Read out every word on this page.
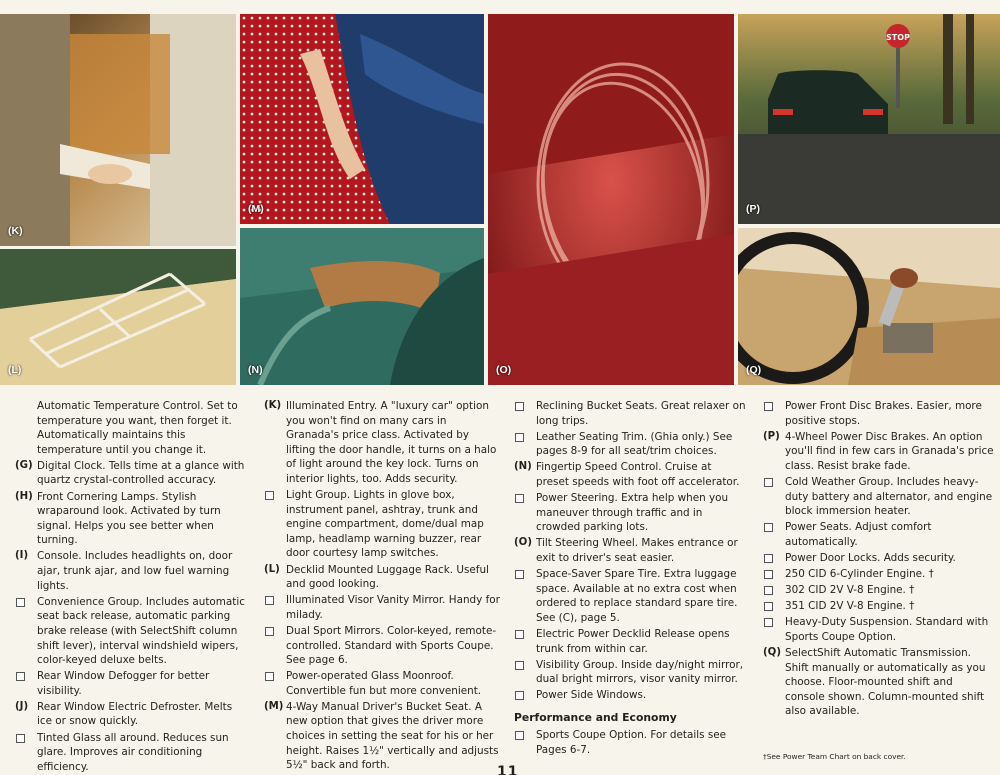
(K)
(L)
(M)
(N)	(O)
STOP
(P)
(Q)
Automatic Temperature Control. Set to temperature you want, then forget it. Automatically maintains this temperature until you change it.
(G) Digital Clock. Tells time at a glance with quartz crystal-controlled accuracy.
(H) Front Cornering Lamps. Stylish wraparound look. Activated by turn signal. Helps you see better when turning.
(I) Console. Includes headlights on, door ajar, trunk ajar, and low fuel warning lights.
Convenience Group. Includes automatic seat back release, automatic parking brake release (with SelectShift column shift lever), interval windshield wipers, color-keyed deluxe belts.
Rear Window Defogger for better visibility.
(J) Rear Window Electric Defroster. Melts ice or snow quickly.
Tinted Glass all around. Reduces sun glare. Improves air conditioning efficiency.
(K) Illuminated Entry. A "luxury car" option you won't find on many cars in Granada's price class. Activated by lifting the door handle, it turns on a halo of light around the key lock. Turns on interior lights, too. Adds security.
Light Group. Lights in glove box, instrument panel, ashtray, trunk and engine compartment, dome/dual map lamp, headlamp warning buzzer, rear door courtesy lamp switches.
(L) Decklid Mounted Luggage Rack. Useful and good looking.
Illuminated Visor Vanity Mirror. Handy for milady.
Dual Sport Mirrors. Color-keyed, remote-controlled. Standard with Sports Coupe. See page 6.
Power-operated Glass Moonroof. Convertible fun but more convenient.
(M) 4-Way Manual Driver's Bucket Seat. A new option that gives the driver more choices in setting the seat for his or her height. Raises 1½" vertically and adjusts 5½" back and forth.
Reclining Bucket Seats. Great relaxer on long trips.
Leather Seating Trim. (Ghia only.) See pages 8-9 for all seat/trim choices.
(N) Fingertip Speed Control. Cruise at preset speeds with foot off accelerator.
Power Steering. Extra help when you maneuver through traffic and in crowded parking lots.
(O) Tilt Steering Wheel. Makes entrance or exit to driver's seat easier.
Space-Saver Spare Tire. Extra luggage space. Available at no extra cost when ordered to replace standard spare tire. See (C), page 5.
Electric Power Decklid Release opens trunk from within car.
Visibility Group. Inside day/night mirror, dual bright mirrors, visor vanity mirror.
Power Side Windows.
Performance and Economy
Sports Coupe Option. For details see Pages 6-7.
Power Front Disc Brakes. Easier, more positive stops.
(P) 4-Wheel Power Disc Brakes. An option you'll find in few cars in Granada's price class. Resist brake fade.
Cold Weather Group. Includes heavy-duty battery and alternator, and engine block immersion heater.
Power Seats. Adjust comfort automatically.
Power Door Locks. Adds security.
250 CID 6-Cylinder Engine. †
302 CID 2V V-8 Engine. †
351 CID 2V V-8 Engine. †
Heavy-Duty Suspension. Standard with Sports Coupe Option.
(Q) SelectShift Automatic Transmission. Shift manually or automatically as you choose. Floor-mounted shift and console shown. Column-mounted shift also available.
†See Power Team Chart on back cover.
11
